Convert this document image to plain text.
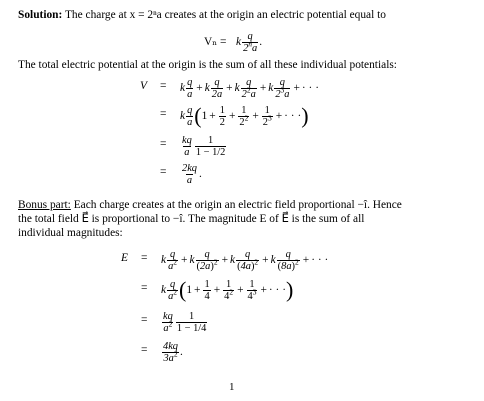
Solution: The charge at x = 2ⁿa creates at the origin an electric potential equal to
Vₙ = k $\frac{q}{2^na}$ .
The total electric potential at the origin is the sum of all these individual potentials:
V = k $\frac{q}{a} + k \frac{q}{2a} + k \frac{q}{2^2a} + k \frac{q}{2^3a}$ + · · ·
= k $\frac{q}{a}$ ( $1 + \frac{1}{2} + \frac{1}{2^2} + \frac{1}{2^3}$ + · · · )
= $\frac{kq}{a} \frac{1}{1 - 1/2}$
= $\frac{2kq}{a}$ .
Bonus part: Each charge creates at the origin an electric field proportional −î. Hence
the total field E⃗ is proportional to −î. The magnitude E of E⃗ is the sum of all
individual magnitudes:
E = k $\frac{q}{a^2} + k \frac{q}{(2a)^2} + k \frac{q}{(4a)^2} + k \frac{q}{(8a)^2}$ + · · ·
= k $\frac{q}{a^2}$ ( $1 + \frac{1}{4} + \frac{1}{4^2} + \frac{1}{4^3}$ + · · · )
= $\frac{kq}{a^2} \frac{1}{1 - 1/4}$
= $\frac{4kq}{3a^2}$ .
1
